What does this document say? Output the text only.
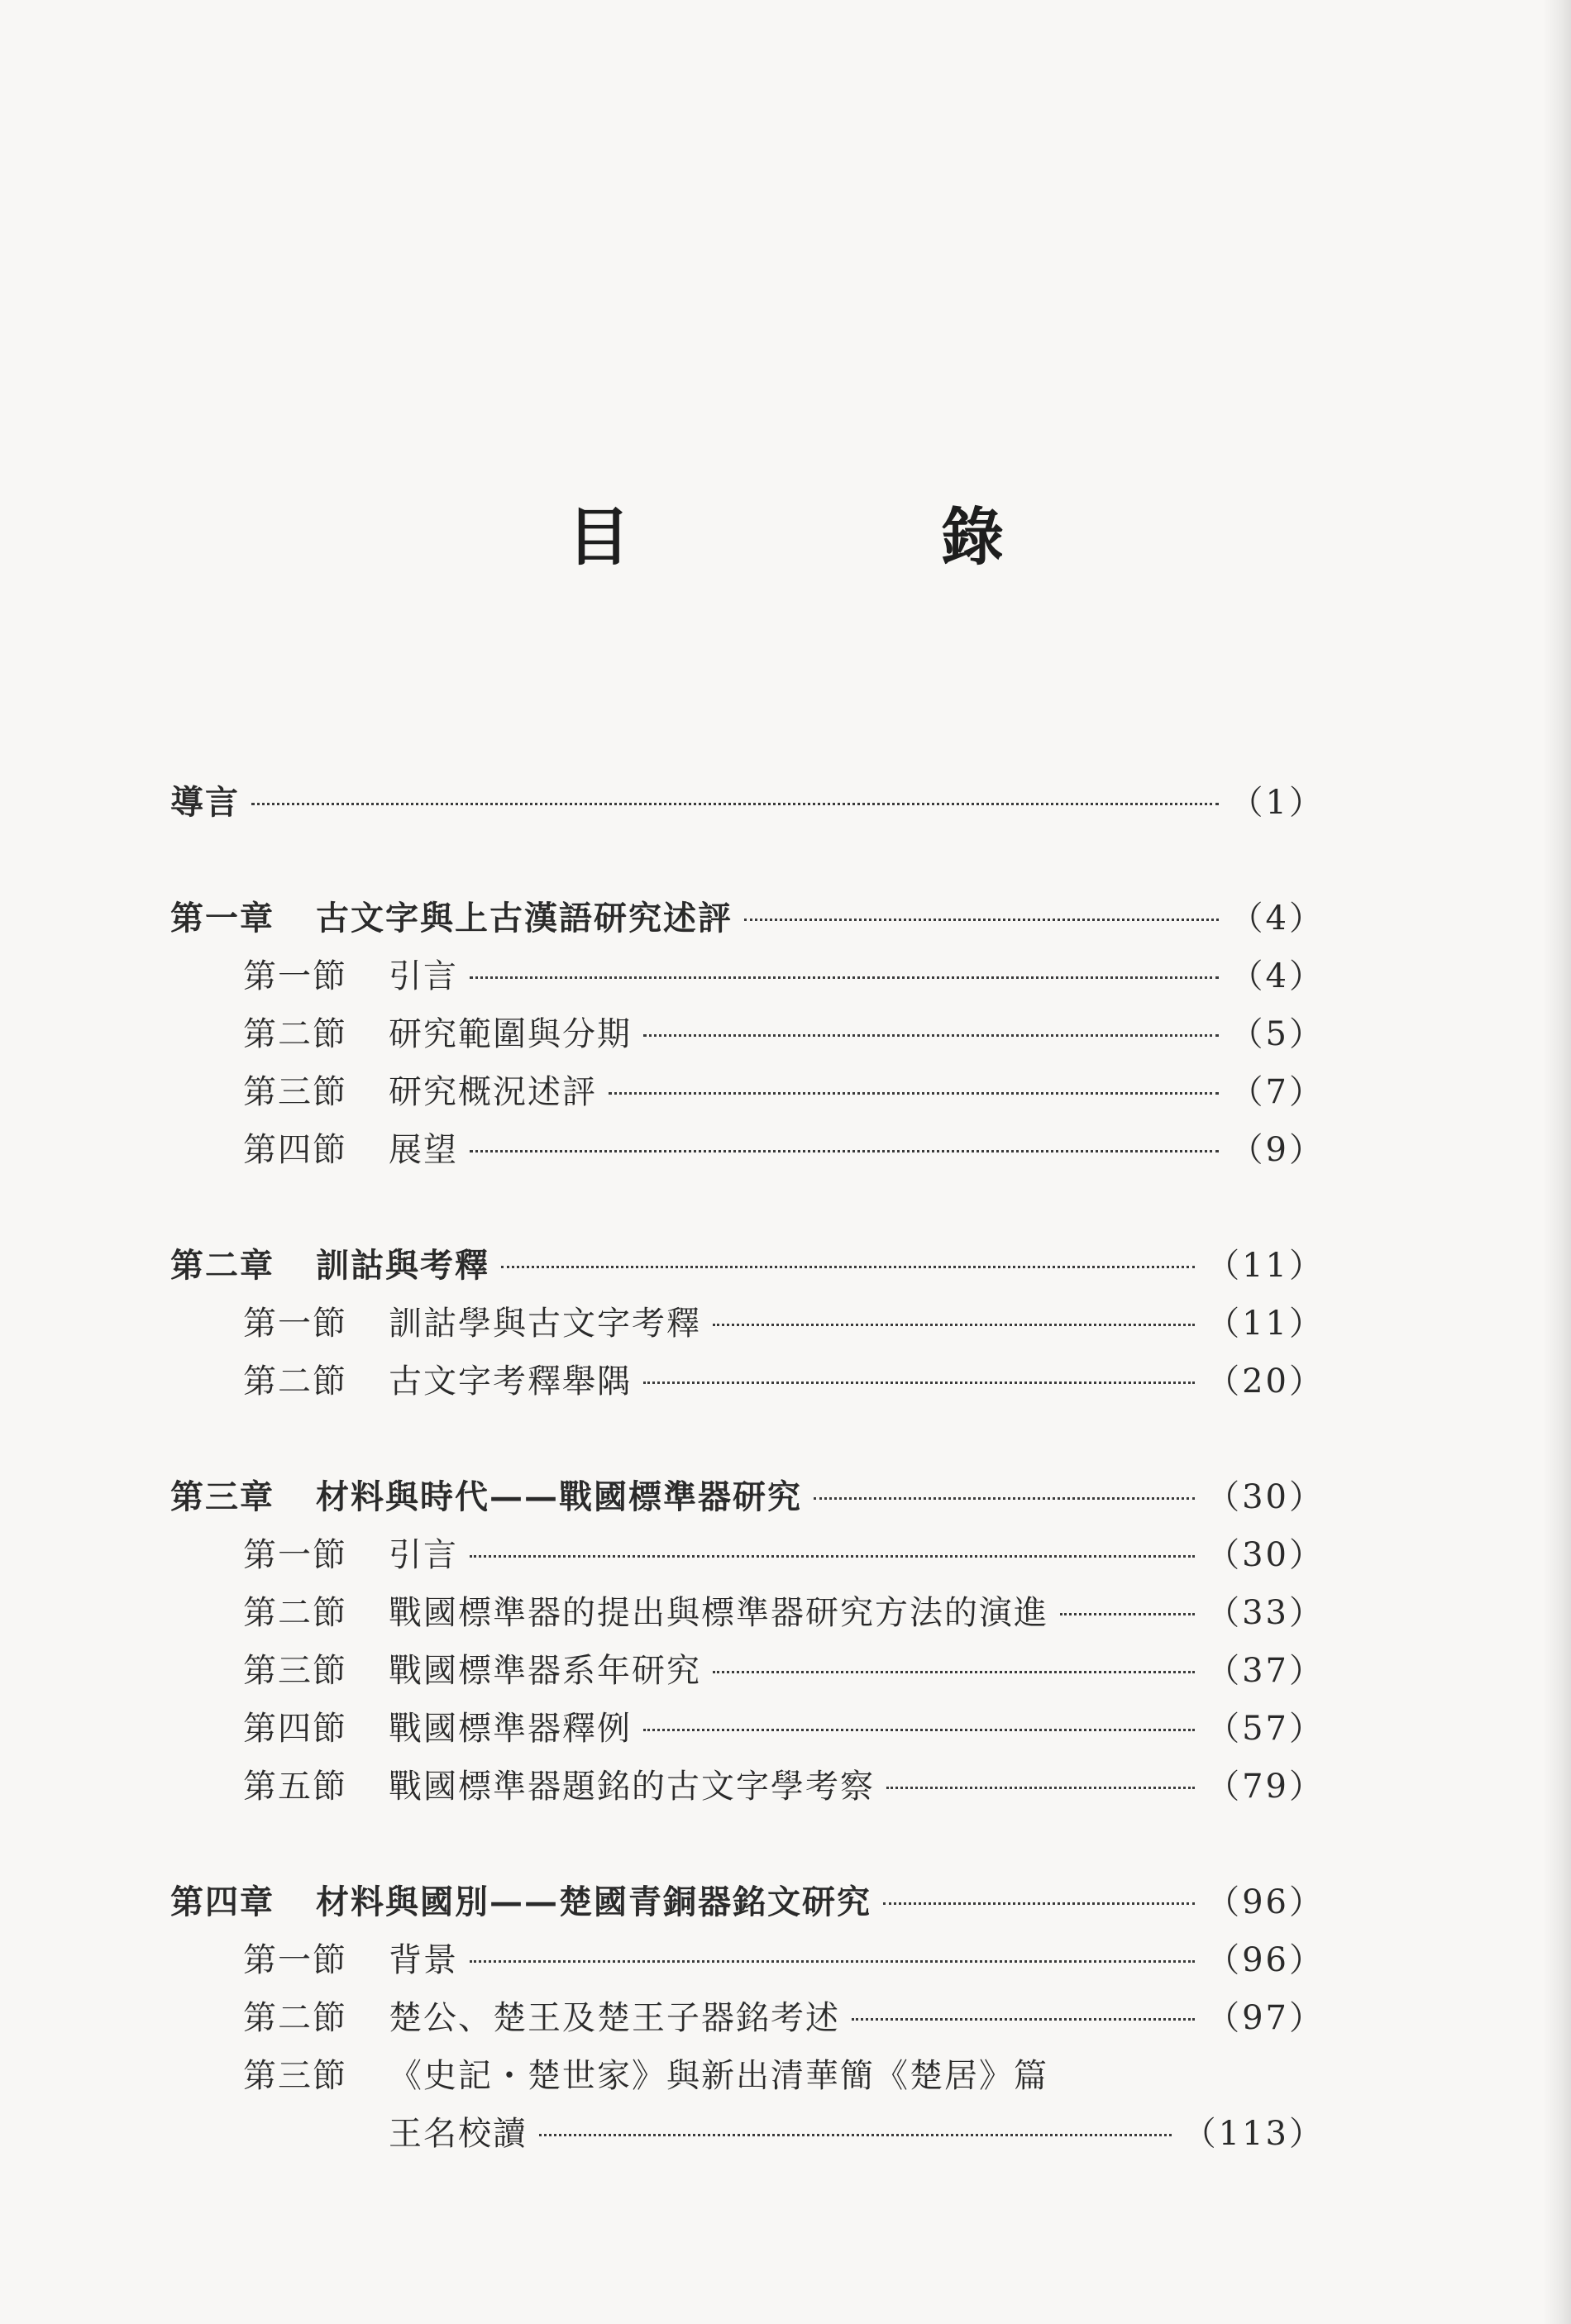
目　錄
導言	（1）
第一章	古文字與上古漢語研究述評	（4）
第一節	引言	（4）
第二節	研究範圍與分期	（5）
第三節	研究概況述評	（7）
第四節	展望	（9）
第二章	訓詁與考釋	（11）
第一節	訓詁學與古文字考釋	（11）
第二節	古文字考釋舉隅	（20）
第三章	材料與時代——戰國標準器研究	（30）
第一節	引言	（30）
第二節	戰國標準器的提出與標準器研究方法的演進	（33）
第三節	戰國標準器系年研究	（37）
第四節	戰國標準器釋例	（57）
第五節	戰國標準器題銘的古文字學考察	（79）
第四章	材料與國別——楚國青銅器銘文研究	（96）
第一節	背景	（96）
第二節	楚公、楚王及楚王子器銘考述	（97）
第三節	《史記・楚世家》與新出清華簡《楚居》篇
王名校讀	（113）
